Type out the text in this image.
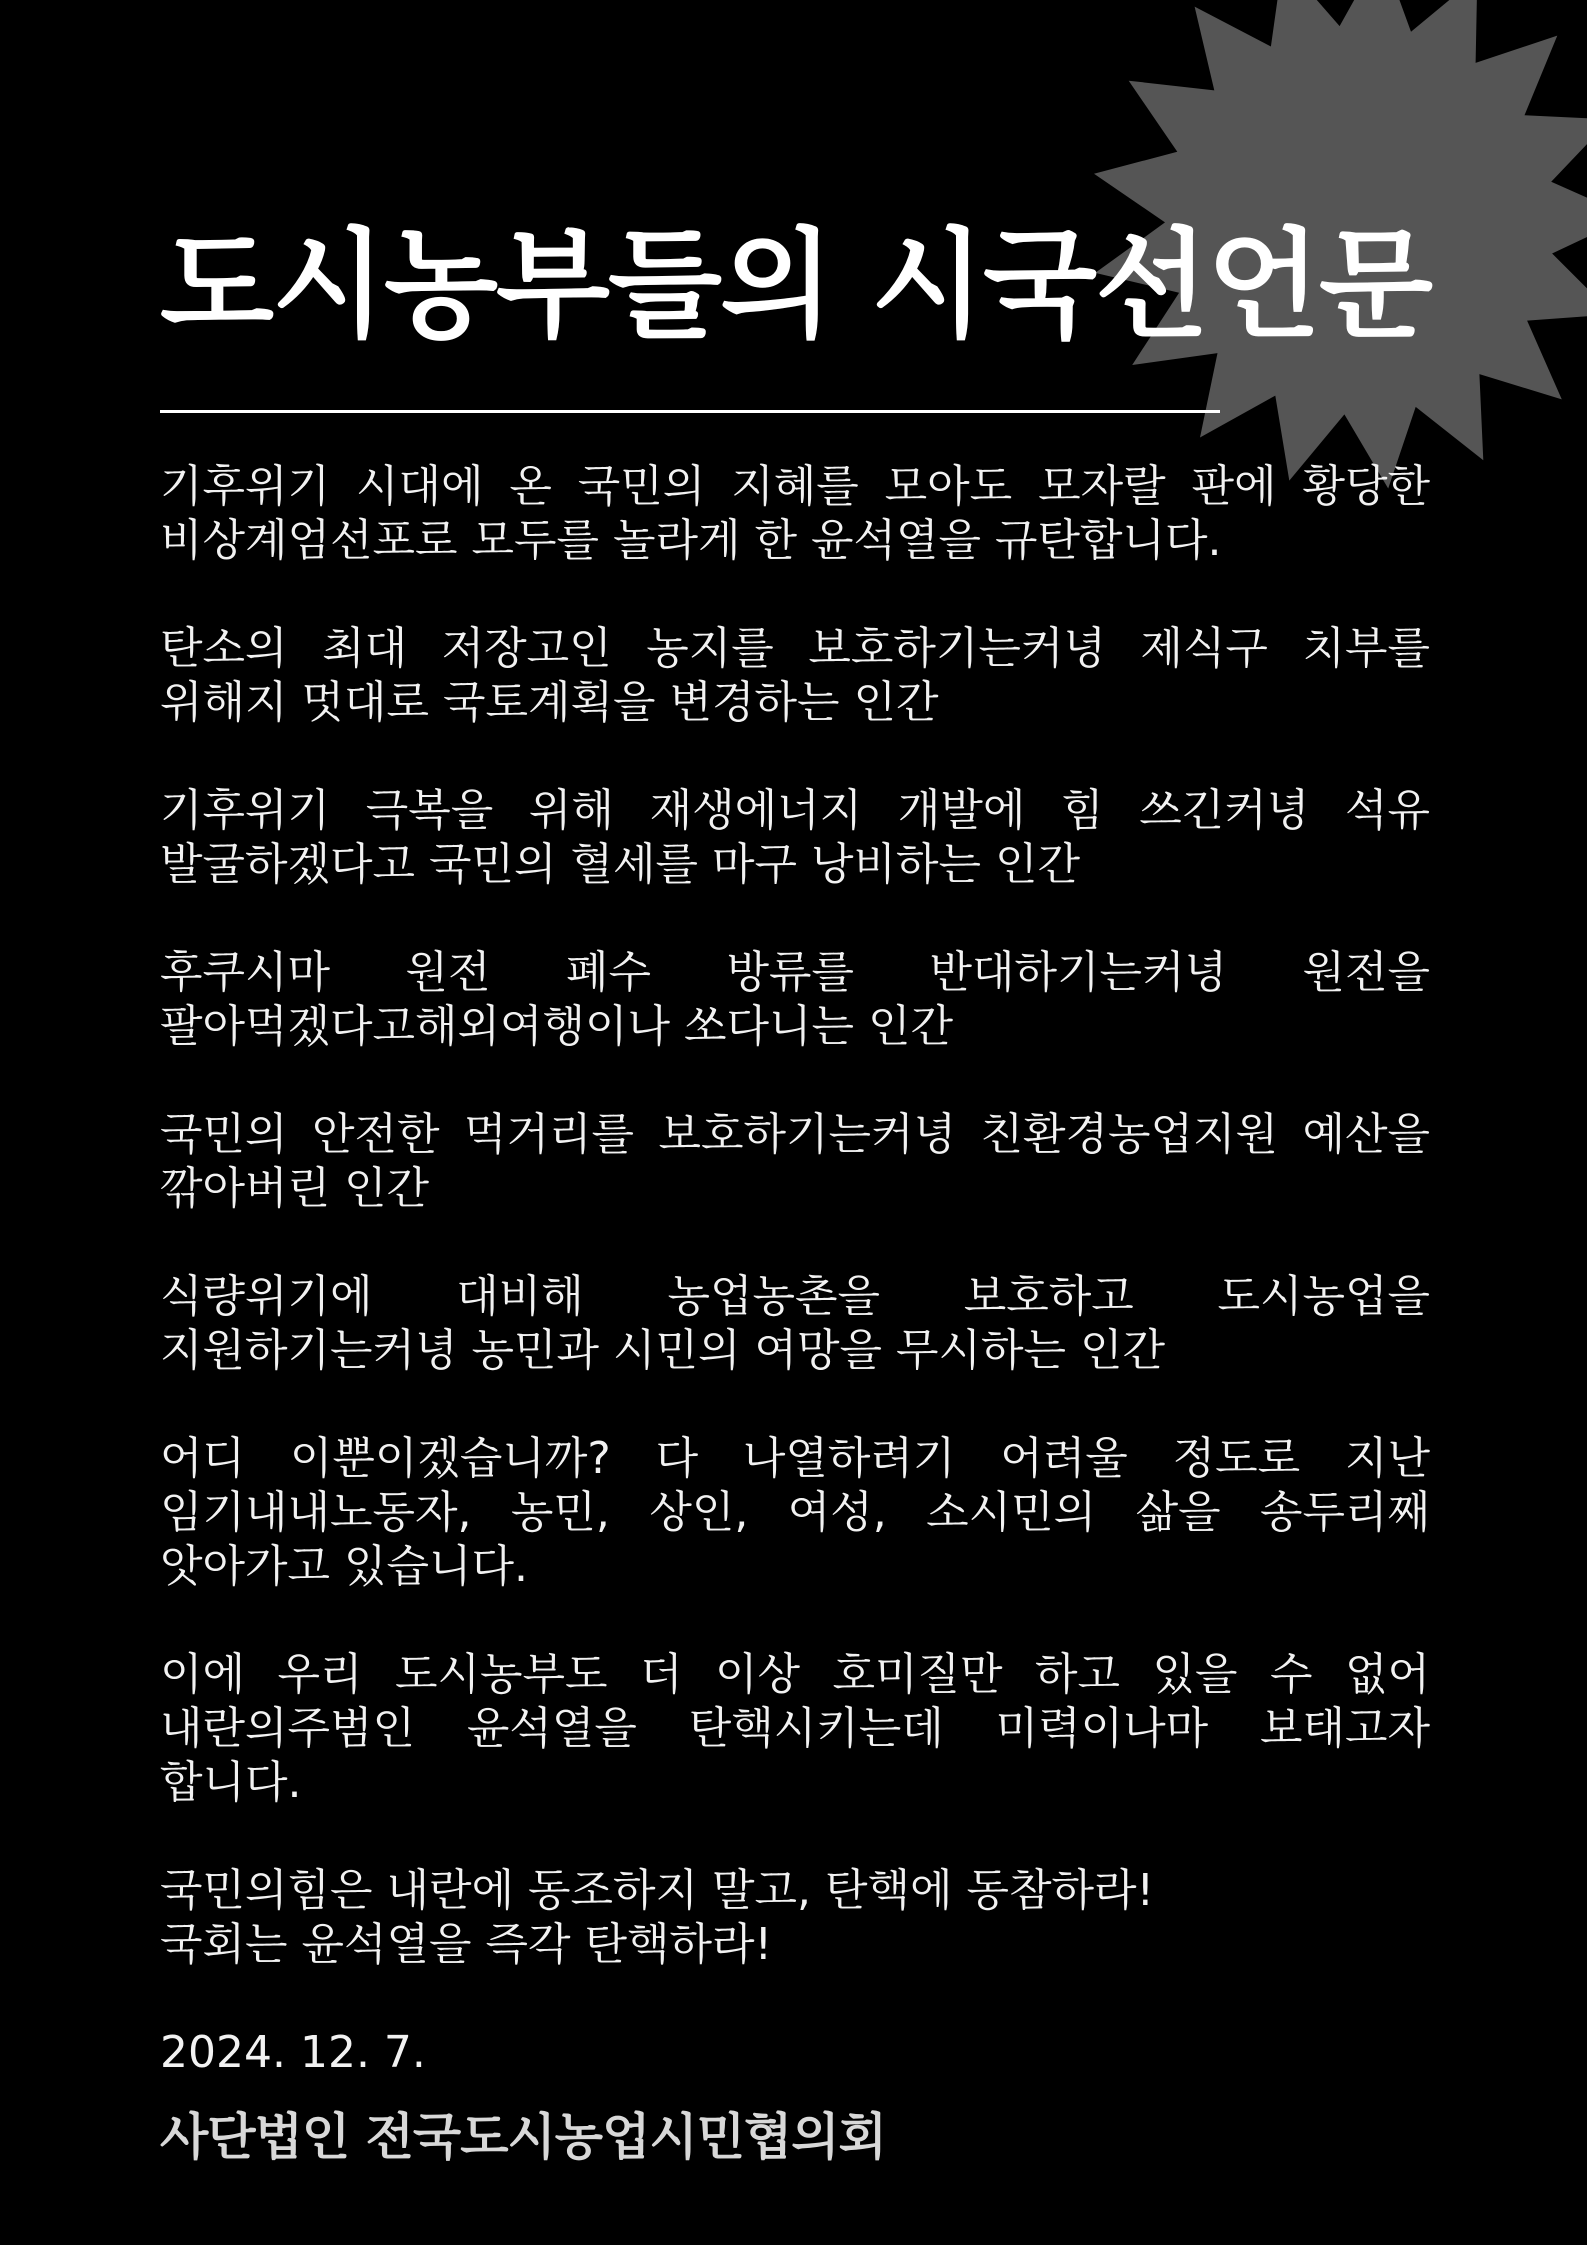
도시농부들의 시국선언문

기후위기 시대에 온 국민의 지혜를 모아도 모자랄 판에 황당한 비상계엄선포로 모두를 놀라게 한 윤석열을 규탄합니다.

탄소의 최대 저장고인 농지를 보호하기는커녕 제식구 치부를 위해지 멋대로 국토계획을 변경하는 인간

기후위기 극복을 위해 재생에너지 개발에 힘 쓰긴커녕 석유 발굴하겠다고 국민의 혈세를 마구 낭비하는 인간

후쿠시마 원전 폐수 방류를 반대하기는커녕 원전을 팔아먹겠다고해외여행이나 쏘다니는 인간

국민의 안전한 먹거리를 보호하기는커녕 친환경농업지원 예산을 깎아버린 인간

식량위기에 대비해 농업농촌을 보호하고 도시농업을 지원하기는커녕 농민과 시민의 여망을 무시하는 인간

어디 이뿐이겠습니까? 다 나열하려기 어려울 정도로 지난 임기내내노동자, 농민, 상인, 여성, 소시민의 삶을 송두리째 앗아가고 있습니다.

이에 우리 도시농부도 더 이상 호미질만 하고 있을 수 없어 내란의주범인 윤석열을 탄핵시키는데 미력이나마 보태고자 합니다.

국민의힘은 내란에 동조하지 말고, 탄핵에 동참하라!
국회는 윤석열을 즉각 탄핵하라!

2024. 12. 7.

사단법인 전국도시농업시민협의회
